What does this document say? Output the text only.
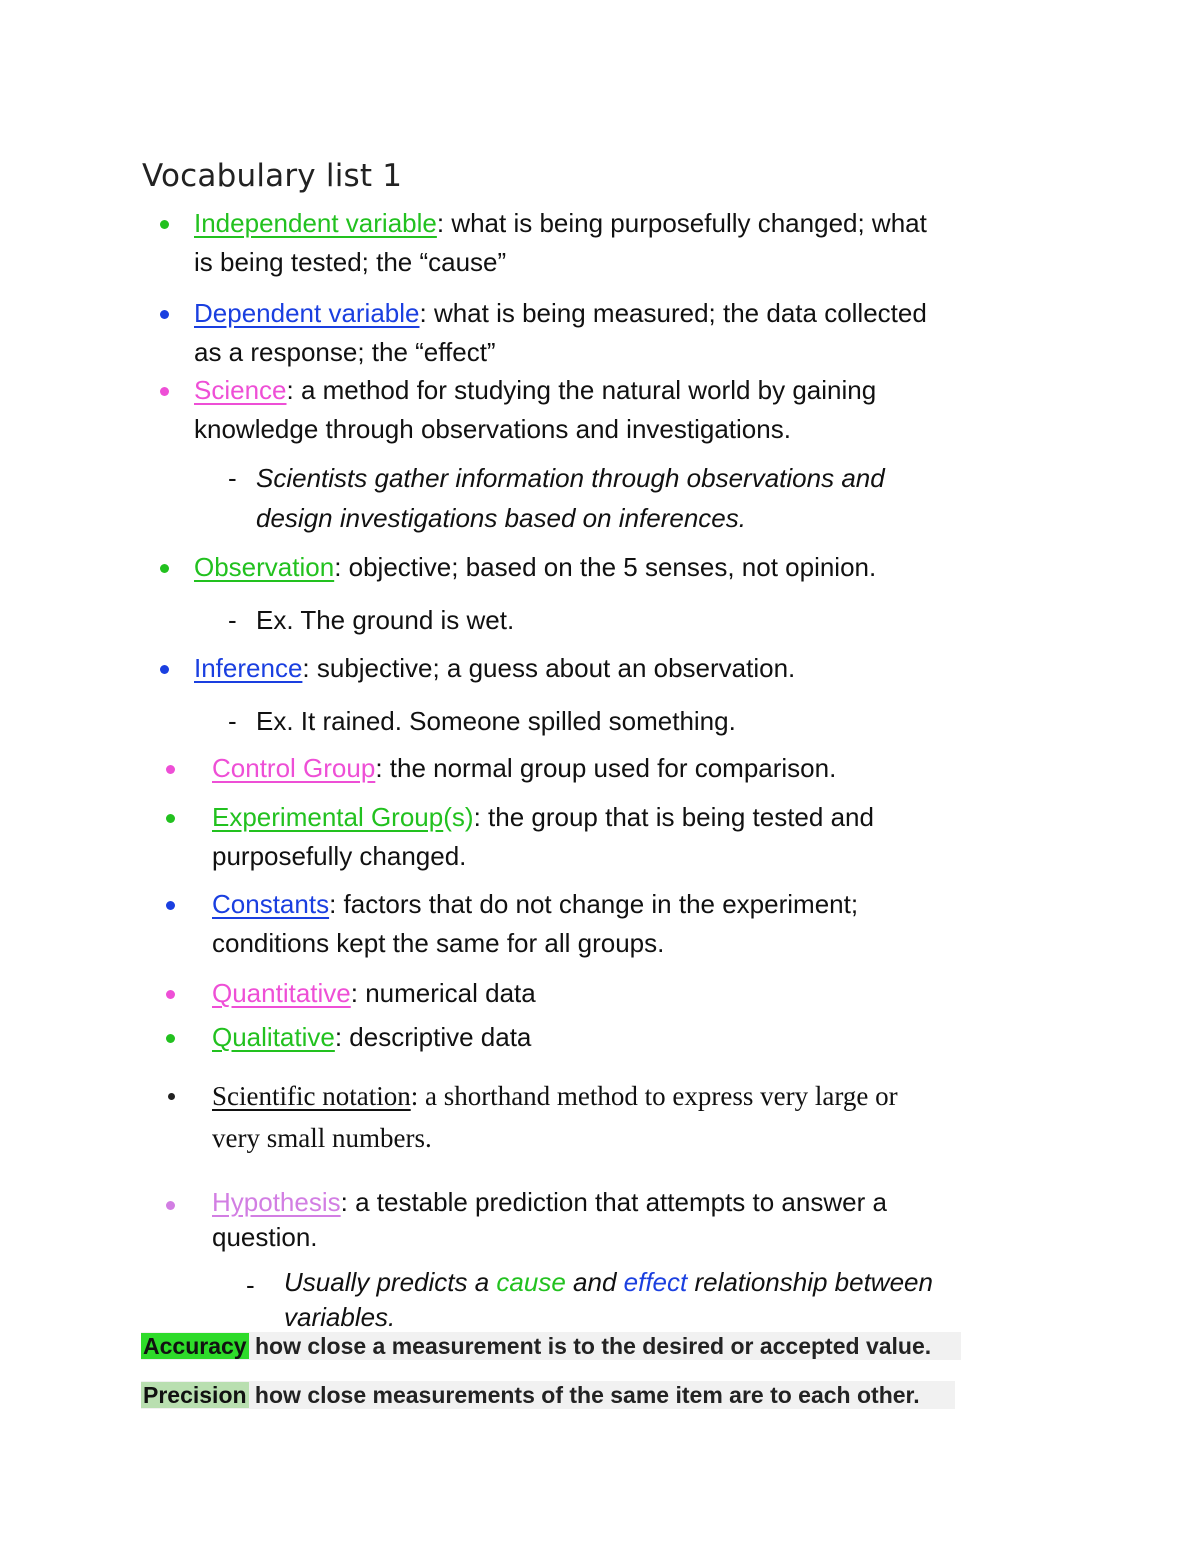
Vocabulary list 1
Independent variable: what is being purposefully changed; what
is being tested; the “cause”
Dependent variable: what is being measured; the data collected
as a response; the “effect”
Science: a method for studying the natural world by gaining
knowledge through observations and investigations.
- Scientists gather information through observations and
design investigations based on inferences.
Observation: objective; based on the 5 senses, not opinion.
- Ex. The ground is wet.
Inference: subjective; a guess about an observation.
- Ex. It rained. Someone spilled something.
Control Group: the normal group used for comparison.
Experimental Group(s): the group that is being tested and
purposefully changed.
Constants: factors that do not change in the experiment;
conditions kept the same for all groups.
Quantitative: numerical data
Qualitative: descriptive data
Scientific notation: a shorthand method to express very large or
very small numbers.
Hypothesis: a testable prediction that attempts to answer a
question.
- Usually predicts a cause and effect relationship between
variables.
Accuracy how close a measurement is to the desired or accepted value.
Precision how close measurements of the same item are to each other.
